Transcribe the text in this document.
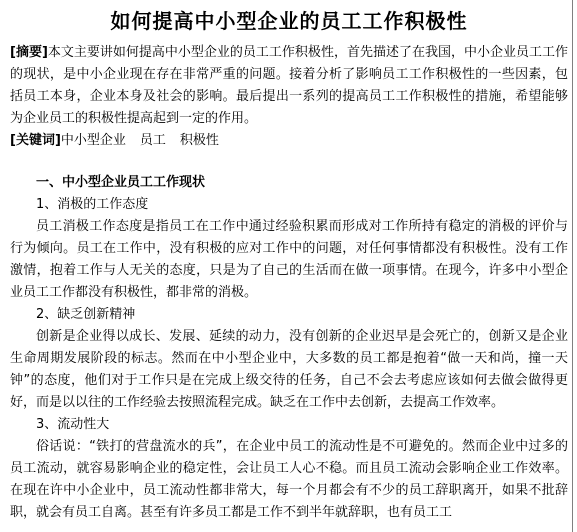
如何提高中小型企业的员工工作积极性

[摘要]本文主要讲如何提高中小型企业的员工工作积极性，首先描述了在我国，中小企业员工工作的现状，是中小企业现在存在非常严重的问题。接着分析了影响员工工作积极性的一些因素，包括员工本身，企业本身及社会的影响。最后提出一系列的提高员工工作积极性的措施，希望能够为企业员工的积极性提高起到一定的作用。

[关键词]中小型企业 员工 积极性

一、中小型企业员工工作现状

1、消极的工作态度

员工消极工作态度是指员工在工作中通过经验积累而形成对工作所持有稳定的消极的评价与行为倾向。员工在工作中，没有积极的应对工作中的问题，对任何事情都没有积极性。没有工作激情，抱着工作与人无关的态度，只是为了自己的生活而在做一项事情。在现今，许多中小型企业员工工作都没有积极性，都非常的消极。

2、缺乏创新精神

创新是企业得以成长、发展、延续的动力，没有创新的企业迟早是会死亡的，创新又是企业生命周期发展阶段的标志。然而在中小型企业中，大多数的员工都是抱着“做一天和尚，撞一天钟”的态度，他们对于工作只是在完成上级交待的任务，自己不会去考虑应该如何去做会做得更好，而是以以往的工作经验去按照流程完成。缺乏在工作中去创新，去提高工作效率。

3、流动性大

俗话说：“铁打的营盘流水的兵”，在企业中员工的流动性是不可避免的。然而企业中过多的员工流动，就容易影响企业的稳定性，会让员工人心不稳。而且员工流动会影响企业工作效率。在现在许中小企业中，员工流动性都非常大，每一个月都会有不少的员工辞职离开，如果不批辞职，就会有员工自离。甚至有许多员工都是工作不到半年就辞职，也有员工工
